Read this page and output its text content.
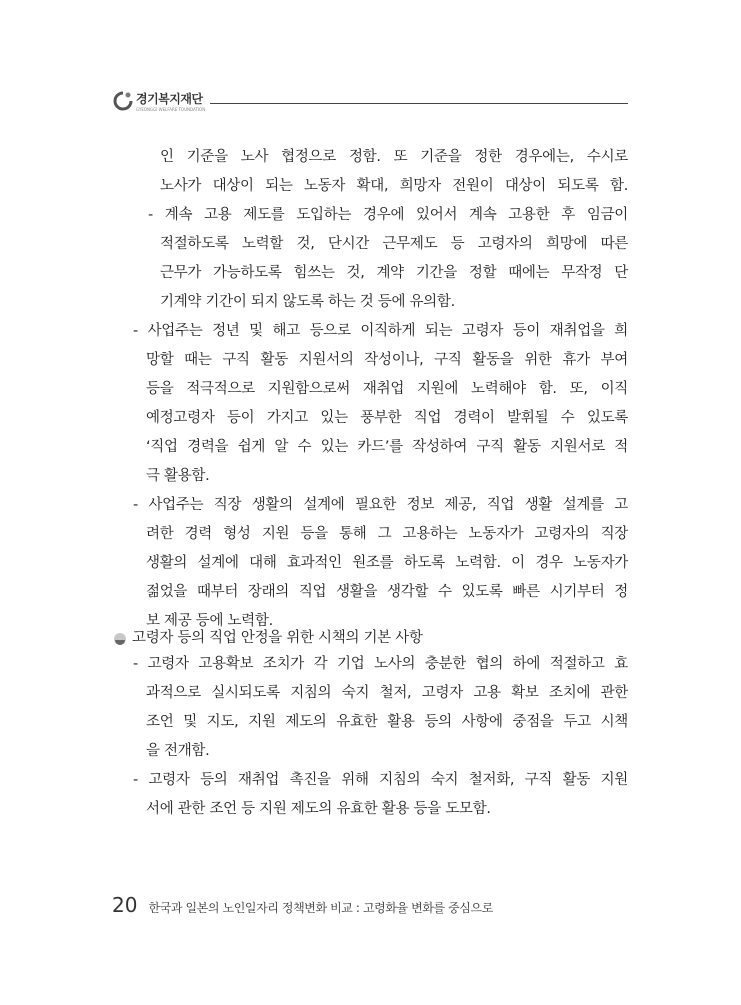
경기복지재단
GYEONGGI WELFARE FOUNDATION
인 기준을 노사 협정으로 정함. 또 기준을 정한 경우에는, 수시로
노사가 대상이 되는 노동자 확대, 희망자 전원이 대상이 되도록 함.
- 계속 고용 제도를 도입하는 경우에 있어서 계속 고용한 후 임금이
적절하도록 노력할 것, 단시간 근무제도 등 고령자의 희망에 따른
근무가 가능하도록 힘쓰는 것, 계약 기간을 정할 때에는 무작정 단
기계약 기간이 되지 않도록 하는 것 등에 유의함.
- 사업주는 정년 및 해고 등으로 이직하게 되는 고령자 등이 재취업을 희
망할 때는 구직 활동 지원서의 작성이나, 구직 활동을 위한 휴가 부여
등을 적극적으로 지원함으로써 재취업 지원에 노력해야 함. 또, 이직
예정고령자 등이 가지고 있는 풍부한 직업 경력이 발휘될 수 있도록
‘직업 경력을 쉽게 알 수 있는 카드’를 작성하여 구직 활동 지원서로 적
극 활용함.
- 사업주는 직장 생활의 설계에 필요한 정보 제공, 직업 생활 설계를 고
려한 경력 형성 지원 등을 통해 그 고용하는 노동자가 고령자의 직장
생활의 설계에 대해 효과적인 원조를 하도록 노력함. 이 경우 노동자가
젊었을 때부터 장래의 직업 생활을 생각할 수 있도록 빠른 시기부터 정
보 제공 등에 노력함.
고령자 등의 직업 안정을 위한 시책의 기본 사항
- 고령자 고용확보 조치가 각 기업 노사의 충분한 협의 하에 적절하고 효
과적으로 실시되도록 지침의 숙지 철저, 고령자 고용 확보 조치에 관한
조언 및 지도, 지원 제도의 유효한 활용 등의 사항에 중점을 두고 시책
을 전개함.
- 고령자 등의 재취업 촉진을 위해 지침의 숙지 철저화, 구직 활동 지원
서에 관한 조언 등 지원 제도의 유효한 활용 등을 도모함.
20 한국과 일본의 노인일자리 정책변화 비교 : 고령화율 변화를 중심으로
